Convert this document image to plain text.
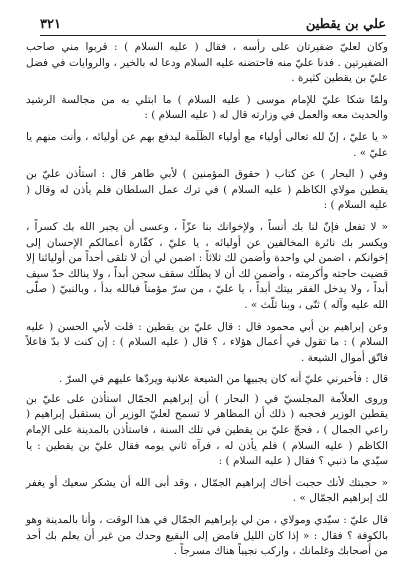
علي بن يقطين
٣٢١

وكان لعليّ ضفيرتان على رأسه ، فقال ( عليه السلام ) : قربوا مني صاحب الضفيرتين . فدنا عليّ منه فاحتضنه عليه السلام ودعا له بالخير ، والروايات في فضل عليّ بن يقطين كثيرة .

ولمّا شكا عليّ للإمام موسى ( عليه السلام ) ما ابتلي به من مجالسة الرشيد والحديث معه والعمل في وزارته قال له ( عليه السلام ) :

« يا عليّ ، إنّ لله تعالى أولياء مع أولياء الظَلَمة ليدفع بهم عن أوليائه ، وأنت منهم يا عليّ » .

وفي ( البحار ) عن كتاب ( حقوق المؤمنين ) لأبي طاهر قال : استأذن عليّ بن يقطين مولاي الكاظم ( عليه السلام ) في ترك عمل السلطان فلم يأذن له وقال ( عليه السلام ) :

« لا تفعل فإنّ لنا بك أنساً ، ولإخوانك بنا عزّاً ، وعسى أن يجبر الله بك كسراً ، ويكسر بك نائرة المخالفين عن أوليائه ، يا عليّ ، كفّارة أعمالكم الإحسان إلى إخوانكم ، اضمن لي واحدة وأضمن لك ثلاثاً : اضمن لي أن لا تلقى أحداً من أوليائنا إلا قضيت حاجته وأكرمته ، وأضمن لك أن لا يظلّك سقف سجن أبداً ، ولا ينالك حدّ سيف أبداً ، ولا يدخل الفقر بيتك أبداً ، يا عليّ ، من سرّ مؤمناً فبالله بدأ ، وبالنبيّ ( صلّى الله عليه وآله ) ثنّى ، وبنا ثلّث » .

وعن إبراهيم بن أبي محمود قال : قال عليّ بن يقطين : قلت لأبي الحسن ( عليه السلام ) : ما تقول في أعمال هؤلاء ، ؟ قال ( عليه السلام ) : إن كنت لا بدّ فاعلاً فاتّق أموال الشيعة .

قال : فأخبرني عليّ أنه كان يجبيها من الشيعة علانية ويردّها عليهم في السرّ .

وروى العلاّمة المجلسيّ في ( البحار ) أن إبراهيم الجمّال استأذن على عليّ بن يقطين الوزير فحجبه ( ذلك أن المظاهر لا تسمح لعليّ الوزير أن يستقبل إبراهيم ( راعي الجمال ) ، فحجّ عليّ بن يقطين في تلك السنة ، فاستأذن بالمدينة على الإمام الكاظم ( عليه السلام ) فلم يأذن له ، فرآه ثاني يومه فقال عليّ بن يقطين : يا سيّدي ما ذنبي ؟ فقال ( عليه السلام ) :

« حجبتك لأنك حجبت أخاك إبراهيم الجمّال ، وقد أبى الله أن يشكر سعيك أو يغفر لك إبراهيم الجمّال » .

قال عليّ : سيّدي ومولاي ، من لي بإبراهيم الجمّال في هذا الوقت ، وأنا بالمدينة وهو بالكوفة ؟ فقال : « إذا كان الليل فامض إلى البقيع وحدك من غير أن يعلم بك أحد من أصحابك وغلمانك ، واركب نجيباً هناك مسرجاً .
